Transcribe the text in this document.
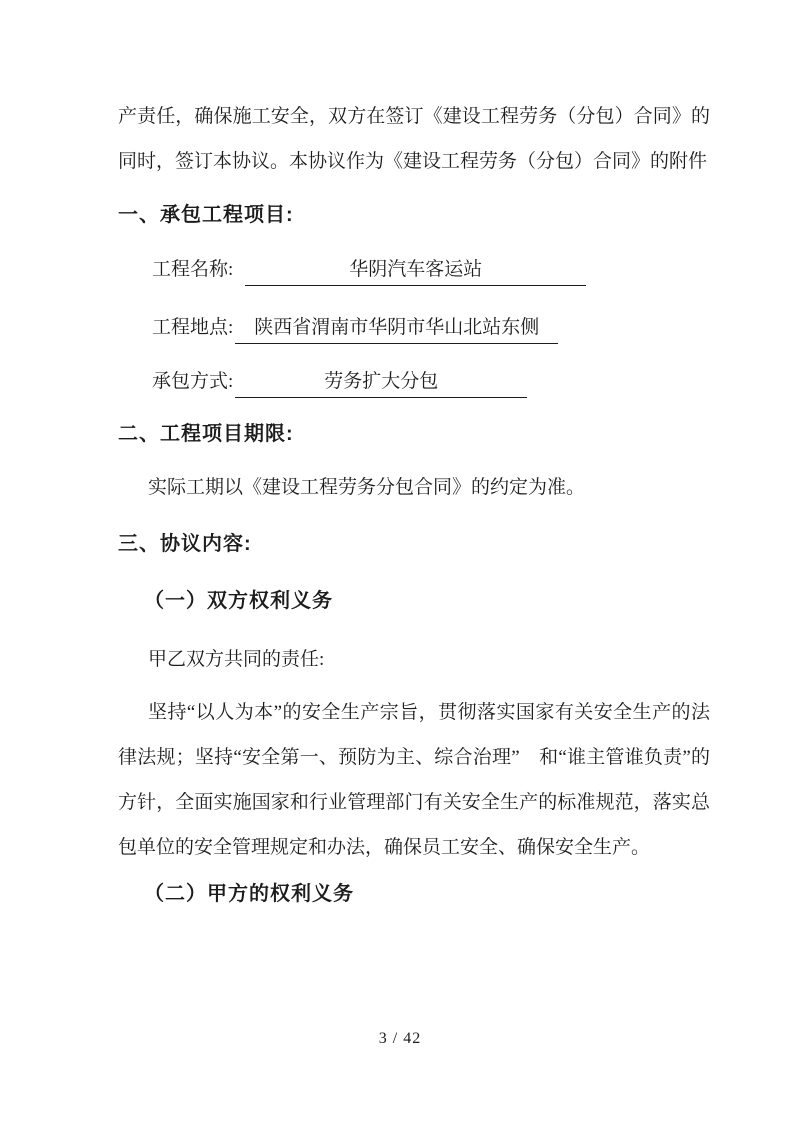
产责任，确保施工安全，双方在签订《建设工程劳务（分包）合同》的同时，签订本协议。本协议作为《建设工程劳务（分包）合同》的附件

一、承包工程项目:
工程名称:	华阴汽车客运站
工程地点: 陕西省渭南市华阴市华山北站东侧
承包方式:	劳务扩大分包
二、工程项目期限:

实际工期以《建设工程劳务分包合同》的约定为准。

三、协议内容:
（一）双方权利义务

甲乙双方共同的责任:

坚持“以人为本”的安全生产宗旨，贯彻落实国家有关安全生产的法律法规；坚持“安全第一、预防为主、综合治理”　和“谁主管谁负责”的方针，全面实施国家和行业管理部门有关安全生产的标准规范，落实总包单位的安全管理规定和办法，确保员工安全、确保安全生产。

（二）甲方的权利义务
3 / 42
